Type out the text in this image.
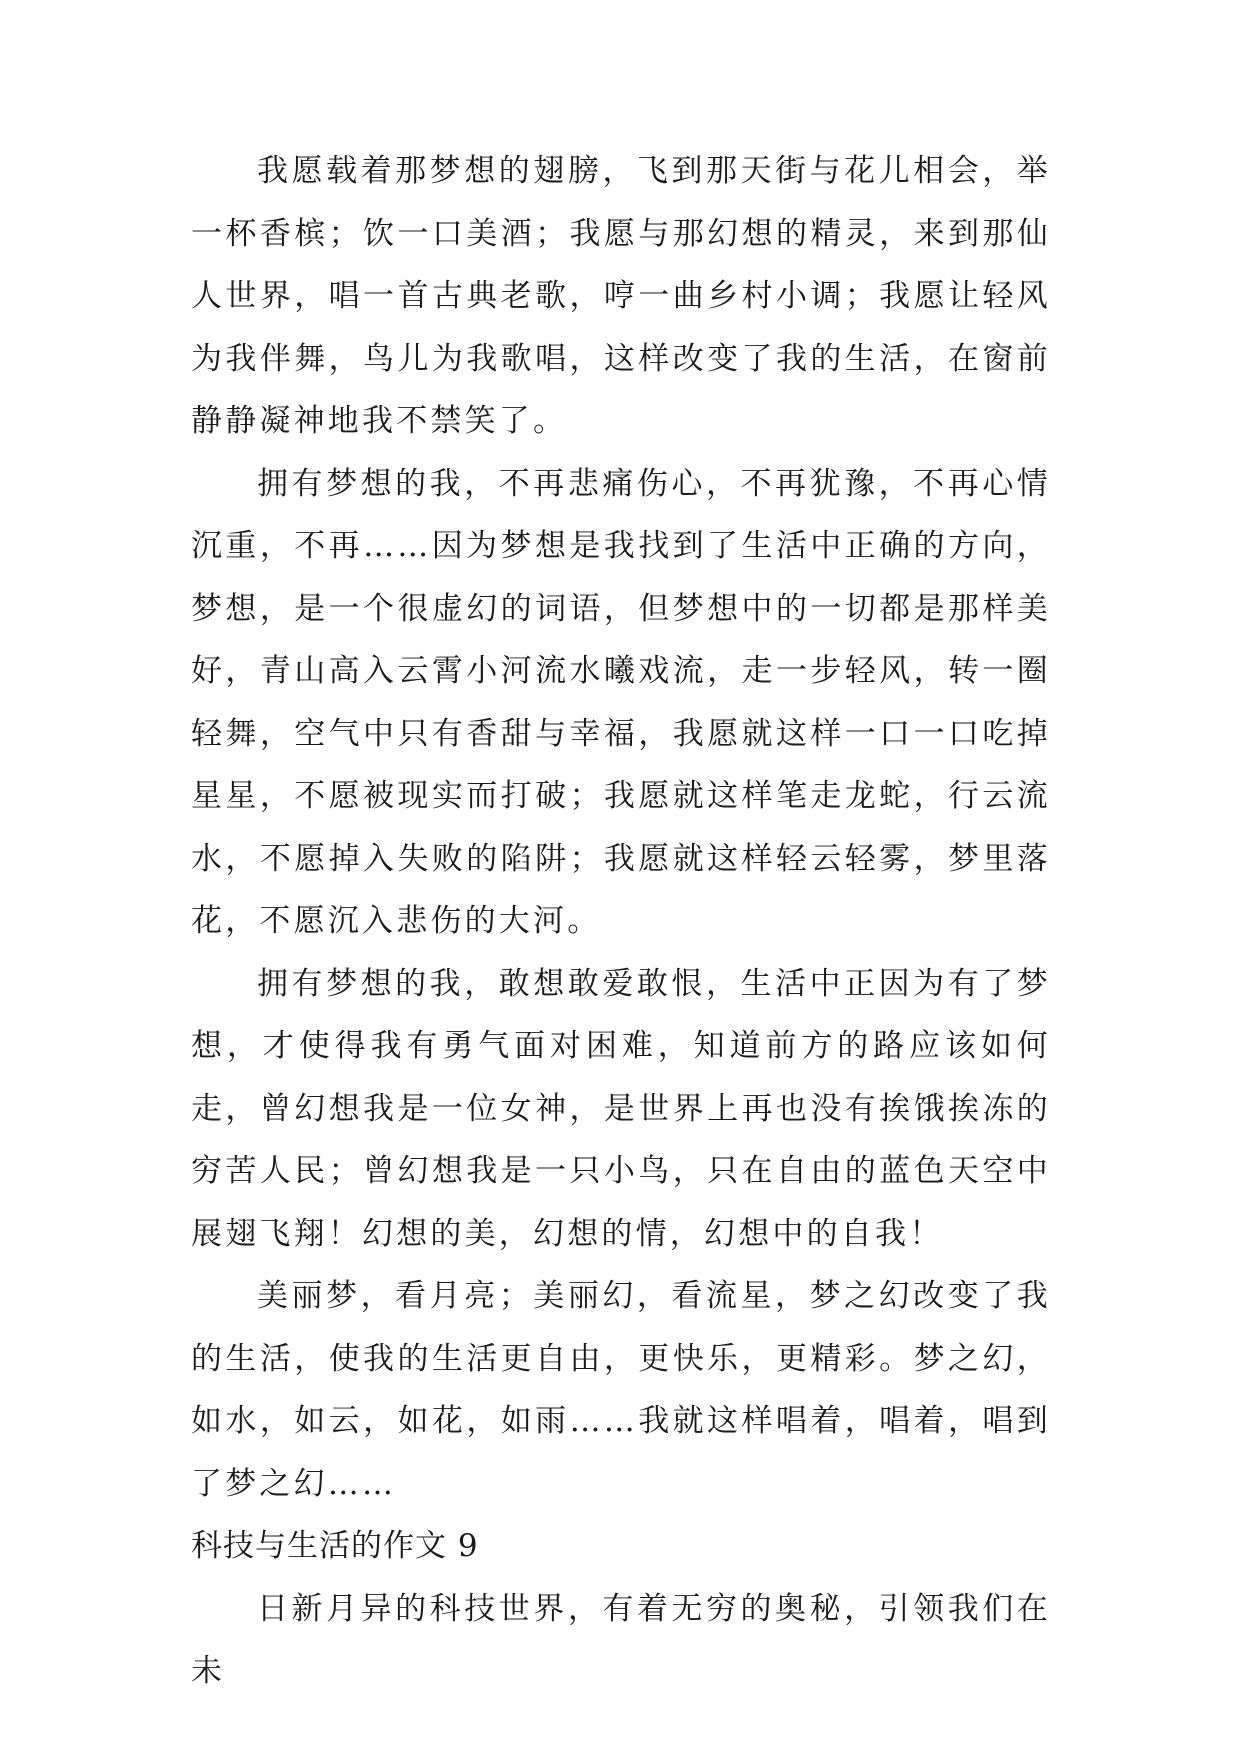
我愿载着那梦想的翅膀，飞到那天街与花儿相会，举一杯香槟；饮一口美酒；我愿与那幻想的精灵，来到那仙人世界，唱一首古典老歌，哼一曲乡村小调；我愿让轻风为我伴舞，鸟儿为我歌唱，这样改变了我的生活，在窗前静静凝神地我不禁笑了。

拥有梦想的我，不再悲痛伤心，不再犹豫，不再心情沉重，不再……因为梦想是我找到了生活中正确的方向，梦想，是一个很虚幻的词语，但梦想中的一切都是那样美好，青山高入云霄小河流水曦戏流，走一步轻风，转一圈轻舞，空气中只有香甜与幸福，我愿就这样一口一口吃掉星星，不愿被现实而打破；我愿就这样笔走龙蛇，行云流水，不愿掉入失败的陷阱；我愿就这样轻云轻雾，梦里落花，不愿沉入悲伤的大河。

拥有梦想的我，敢想敢爱敢恨，生活中正因为有了梦想，才使得我有勇气面对困难，知道前方的路应该如何走，曾幻想我是一位女神，是世界上再也没有挨饿挨冻的穷苦人民；曾幻想我是一只小鸟，只在自由的蓝色天空中展翅飞翔！幻想的美，幻想的情，幻想中的自我！

美丽梦，看月亮；美丽幻，看流星，梦之幻改变了我的生活，使我的生活更自由，更快乐，更精彩。梦之幻，如水，如云，如花，如雨……我就这样唱着，唱着，唱到了梦之幻……

科技与生活的作文 9

日新月异的科技世界，有着无穷的奥秘，引领我们在未
